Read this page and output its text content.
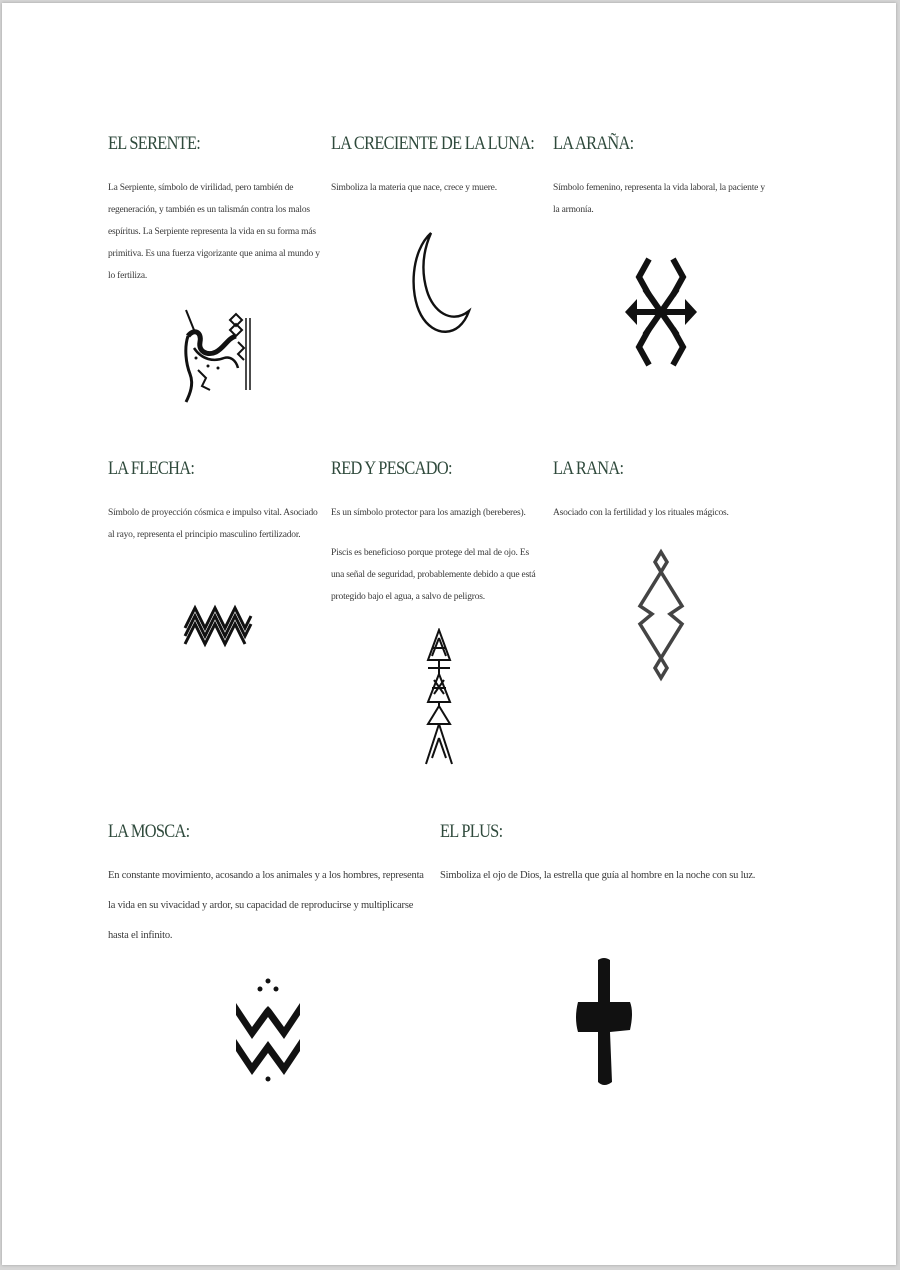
EL SERENTE:

La Serpiente, símbolo de virilidad, pero también de regeneración, y también es un talismán contra los malos espíritus. La Serpiente representa la vida en su forma más primitiva. Es una fuerza vigorizante que anima al mundo y lo fertiliza.

LA CRECIENTE DE LA LUNA:

Simboliza la materia que nace, crece y muere.

LA ARAÑA:

Símbolo femenino, representa la vida laboral, la paciente y la armonía.

LA FLECHA:

Símbolo de proyección cósmica e impulso vital. Asociado al rayo, representa el principio masculino fertilizador.

RED Y PESCADO:

Es un símbolo protector para los amazigh (bereberes).

Piscis es beneficioso porque protege del mal de ojo. Es una señal de seguridad, probablemente debido a que está protegido bajo el agua, a salvo de peligros.

LA RANA:

Asociado con la fertilidad y los rituales mágicos.

LA MOSCA:

En constante movimiento, acosando a los animales y a los hombres, representa la vida en su vivacidad y ardor, su capacidad de reproducirse y multiplicarse hasta el infinito.

EL PLUS:

Simboliza el ojo de Dios, la estrella que guía al hombre en la noche con su luz.
